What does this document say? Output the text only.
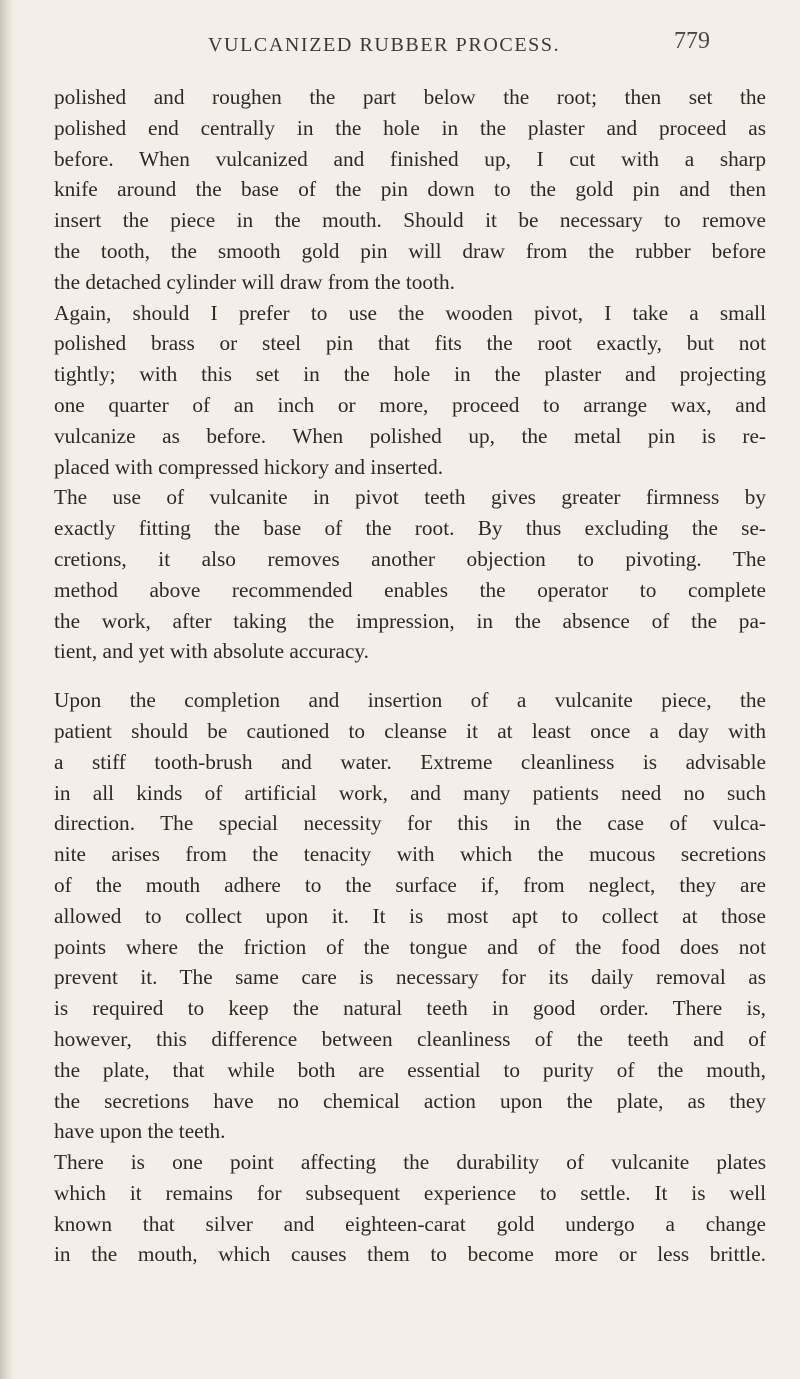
VULCANIZED RUBBER PROCESS.	779
polished and roughen the part below the root; then set the
polished end centrally in the hole in the plaster and proceed as
before. When vulcanized and finished up, I cut with a sharp
knife around the base of the pin down to the gold pin and then
insert the piece in the mouth. Should it be necessary to remove
the tooth, the smooth gold pin will draw from the rubber before
the detached cylinder will draw from the tooth.
Again, should I prefer to use the wooden pivot, I take a small
polished brass or steel pin that fits the root exactly, but not
tightly; with this set in the hole in the plaster and projecting
one quarter of an inch or more, proceed to arrange wax, and
vulcanize as before. When polished up, the metal pin is re-
placed with compressed hickory and inserted.
The use of vulcanite in pivot teeth gives greater firmness by
exactly fitting the base of the root. By thus excluding the se-
cretions, it also removes another objection to pivoting. The
method above recommended enables the operator to complete
the work, after taking the impression, in the absence of the pa-
tient, and yet with absolute accuracy.
Upon the completion and insertion of a vulcanite piece, the
patient should be cautioned to cleanse it at least once a day with
a stiff tooth-brush and water. Extreme cleanliness is advisable
in all kinds of artificial work, and many patients need no such
direction. The special necessity for this in the case of vulca-
nite arises from the tenacity with which the mucous secretions
of the mouth adhere to the surface if, from neglect, they are
allowed to collect upon it. It is most apt to collect at those
points where the friction of the tongue and of the food does not
prevent it. The same care is necessary for its daily removal as
is required to keep the natural teeth in good order. There is,
however, this difference between cleanliness of the teeth and of
the plate, that while both are essential to purity of the mouth,
the secretions have no chemical action upon the plate, as they
have upon the teeth.
There is one point affecting the durability of vulcanite plates
which it remains for subsequent experience to settle. It is well
known that silver and eighteen-carat gold undergo a change
in the mouth, which causes them to become more or less brittle.
